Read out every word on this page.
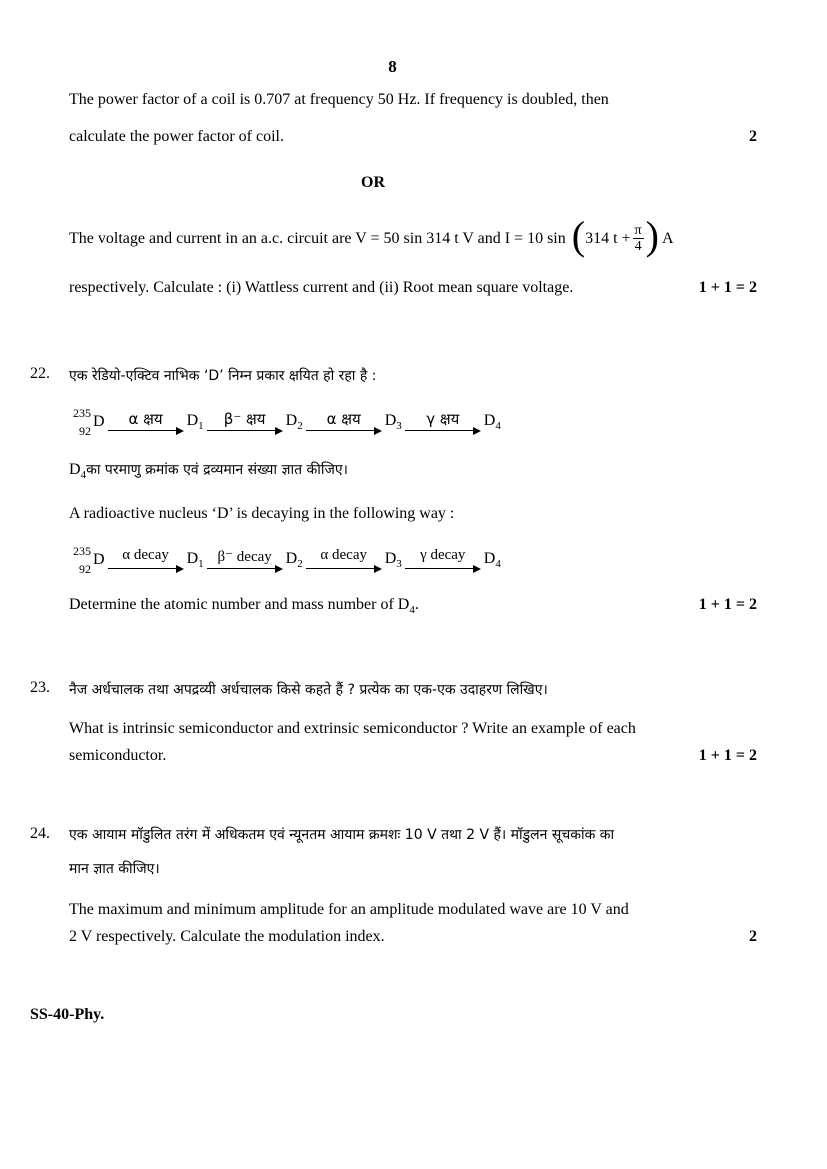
8
The power factor of a coil is 0.707 at frequency 50 Hz. If frequency is doubled, then
calculate the power factor of coil.	2
OR
The voltage and current in an a.c. circuit are V = 50 sin 314 t V and I = 10 sin ( 314 $t + \frac{\pi}{4}$ ) A
respectively. Calculate : (i) Wattless current and (ii) Root mean square voltage.	1 + 1 = 2
22. एक रेडियो-एक्टिव नाभिक ‘D’ निम्न प्रकार क्षयित हो रहा है :
235
92
D	α क्षय	$D_1$	β⁻ क्षय	$D_2$	α क्षय	$D_3$	γ क्षय	$D_4$
$D_4का$ परमाणु क्रमांक एवं द्रव्यमान संख्या ज्ञात कीजिए।
A radioactive nucleus ‘D’ is decaying in the following way :
235
92
D	α decay	$D_1$ β⁻ decay $D_2$
α decay	$D_3$
γ decay	$D_4$
Determine the atomic number and mass number of $D_4$.	1 + 1 = 2
23. नैज अर्धचालक तथा अपद्रव्यी अर्धचालक किसे कहते हैं ? प्रत्येक का एक-एक उदाहरण लिखिए।
What is intrinsic semiconductor and extrinsic semiconductor ? Write an example of each
semiconductor.	1 + 1 = 2
24. एक आयाम मॉडुलित तरंग में अधिकतम एवं न्यूनतम आयाम क्रमशः 10 V तथा 2 V हैं। मॉडुलन सूचकांक का
मान ज्ञात कीजिए।
The maximum and minimum amplitude for an amplitude modulated wave are 10 V and
2 V respectively. Calculate the modulation index.	2
SS-40-Phy.
